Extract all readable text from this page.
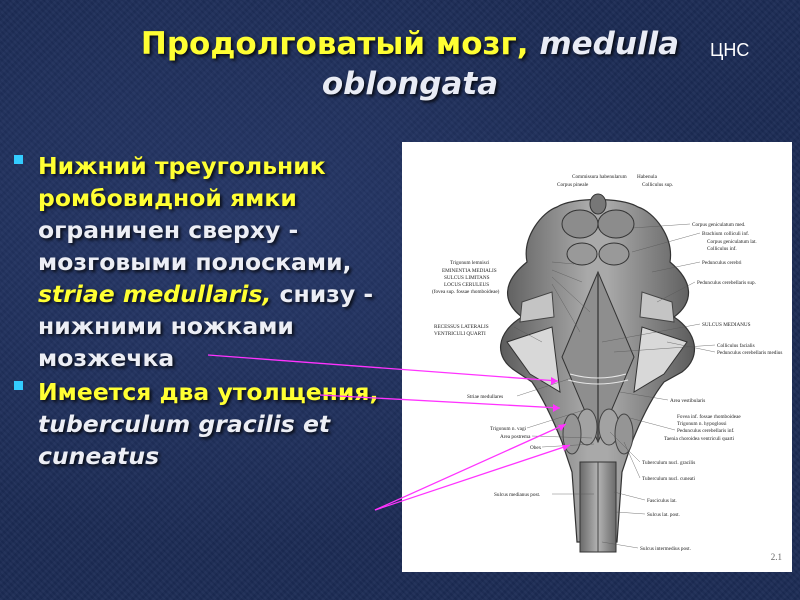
Продолговатый мозг, medulla oblongata
ЦНС
Нижний треугольник ромбовидной ямки ограничен сверху - мозговыми полосками, striae medullaris, снизу - нижними ножками мозжечка
Имеется два утолщения, tuberculum gracilis et cuneatus
Commissura habenularum
Corpus pineale
Trigonum lemnisci
EMINENTIA MEDIALIS
SULCUS LIMITANS
LOCUS CERULEUS
(fovea sup. fossae rhomboideae)
RECESSUS LATERALIS
VENTRICULI QUARTI
Striae medullares
Trigonum n. vagi
Area postrema
Obex
Sulcus medianus post.
Habenula
Colliculus sup.
Corpus geniculatum med.
Brachium colliculi inf.
Corpus geniculatum lat.
Colliculus inf.
Pedunculus cerebri
Pedunculus cerebellaris sup.
SULCUS MEDIANUS
Colliculus facialis
Pedunculus cerebellaris medius
Area vestibularis
Fovea inf. fossae rhomboideae
Trigonum n. hypoglossi
Pedunculus cerebellaris inf.
Taenia choroidea ventriculi quarti
Tuberculum nucl. gracilis
Tuberculum nucl. cuneati
Fasciculus lat.
Sulcus lat. post.
Sulcus intermedius post.
2.1
